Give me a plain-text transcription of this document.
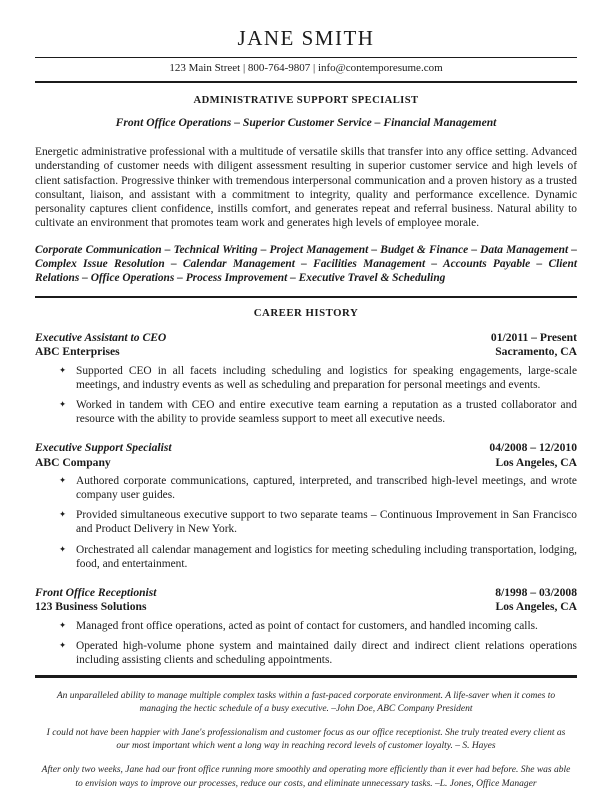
JANE SMITH
123 Main Street | 800-764-9807 | info@contemporesume.com
ADMINISTRATIVE SUPPORT SPECIALIST
Front Office Operations – Superior Customer Service – Financial Management

Energetic administrative professional with a multitude of versatile skills that transfer into any office setting. Advanced understanding of customer needs with diligent assessment resulting in superior customer service and high levels of client satisfaction. Progressive thinker with tremendous interpersonal communication and a proven history as a trusted consultant, liaison, and assistant with a commitment to integrity, quality and performance excellence. Dynamic personality captures client confidence, instills comfort, and generates repeat and referral business. Natural ability to cultivate an environment that promotes team work and generates high levels of employee morale.

Corporate Communication – Technical Writing – Project Management – Budget & Finance – Data Management – Complex Issue Resolution – Calendar Management – Facilities Management – Accounts Payable – Client Relations – Office Operations – Process Improvement – Executive Travel & Scheduling

CAREER HISTORY
Executive Assistant to CEO
ABC Enterprises
01/2011 – Present
Sacramento, CA
✦ Supported CEO in all facets including scheduling and logistics for speaking engagements, large-scale meetings, and industry events as well as scheduling and preparation for personal meetings and events.
✦ Worked in tandem with CEO and entire executive team earning a reputation as a trusted collaborator and resource with the ability to provide seamless support to meet all executive needs.
Executive Support Specialist
ABC Company
04/2008 – 12/2010
Los Angeles, CA
✦ Authored corporate communications, captured, interpreted, and transcribed high-level meetings, and wrote company user guides.
✦ Provided simultaneous executive support to two separate teams – Continuous Improvement in San Francisco and Product Delivery in New York.
✦ Orchestrated all calendar management and logistics for meeting scheduling including transportation, lodging, food, and entertainment.
Front Office Receptionist
123 Business Solutions
8/1998 – 03/2008
Los Angeles, CA
✦ Managed front office operations, acted as point of contact for customers, and handled incoming calls.
✦ Operated high-volume phone system and maintained daily direct and indirect client relations operations including assisting clients and scheduling appointments.

An unparalleled ability to manage multiple complex tasks within a fast-paced corporate environment. A life-saver when it comes to managing the hectic schedule of a busy executive. –John Doe, ABC Company President

I could not have been happier with Jane's professionalism and customer focus as our office receptionist. She truly treated every client as our most important which went a long way in reaching record levels of customer loyalty. – S. Hayes

After only two weeks, Jane had our front office running more smoothly and operating more efficiently than it ever had before. She was able to envision ways to improve our processes, reduce our costs, and eliminate unnecessary tasks. –L. Jones, Office Manager
